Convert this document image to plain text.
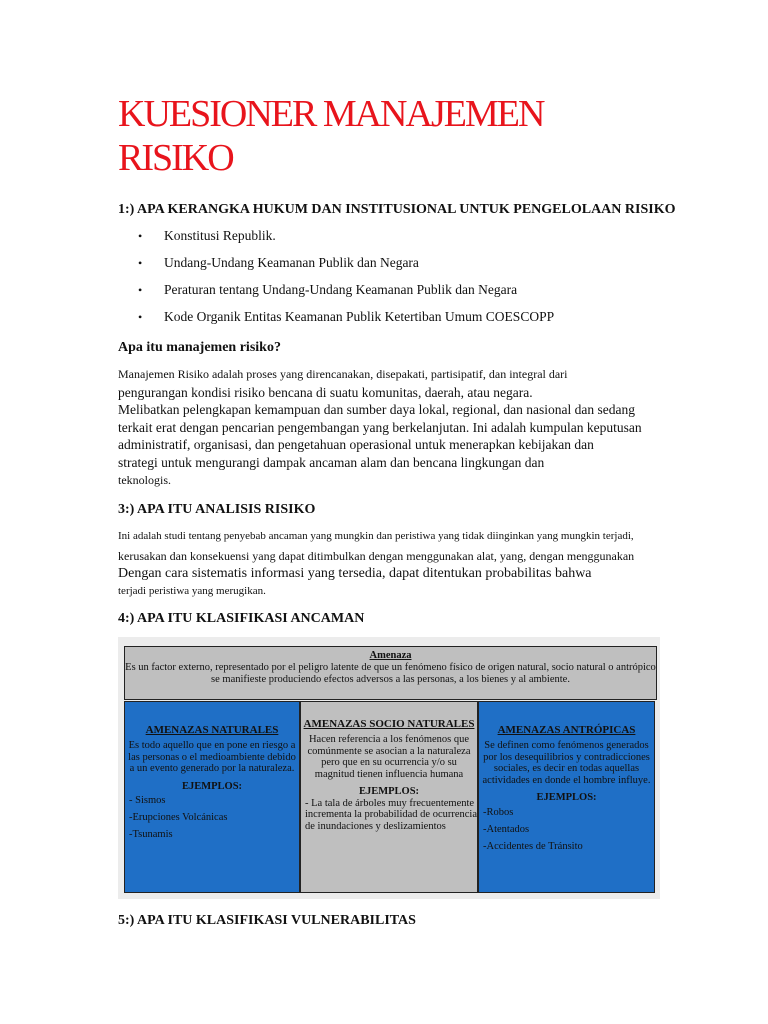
KUESIONER MANAJEMEN RISIKO
1:) APA KERANGKA HUKUM DAN INSTITUSIONAL UNTUK PENGELOLAAN RISIKO
• Konstitusi Republik.
• Undang-Undang Keamanan Publik dan Negara
• Peraturan tentang Undang-Undang Keamanan Publik dan Negara
• Kode Organik Entitas Keamanan Publik Ketertiban Umum COESCOPP
Apa itu manajemen risiko?
Manajemen Risiko adalah proses yang direncanakan, disepakati, partisipatif, dan integral dari
pengurangan kondisi risiko bencana di suatu komunitas, daerah, atau negara.
Melibatkan pelengkapan kemampuan dan sumber daya lokal, regional, dan nasional dan sedang
terkait erat dengan pencarian pengembangan yang berkelanjutan. Ini adalah kumpulan keputusan
administratif, organisasi, dan pengetahuan operasional untuk menerapkan kebijakan dan
strategi untuk mengurangi dampak ancaman alam dan bencana lingkungan dan
teknologis.
3:) APA ITU ANALISIS RISIKO
Ini adalah studi tentang penyebab ancaman yang mungkin dan peristiwa yang tidak diinginkan yang mungkin terjadi,
kerusakan dan konsekuensi yang dapat ditimbulkan dengan menggunakan alat, yang, dengan menggunakan
Dengan cara sistematis informasi yang tersedia, dapat ditentukan probabilitas bahwa
terjadi peristiwa yang merugikan.
4:) APA ITU KLASIFIKASI ANCAMAN
Amenaza
Es un factor externo, representado por el peligro latente de que un fenómeno físico de origen natural, socio natural o antrópico se manifieste produciendo efectos adversos a las personas, a los bienes y al ambiente.
AMENAZAS NATURALES
Es todo aquello que en pone en riesgo a las personas o el medioambiente debido a un evento generado por la naturaleza.
EJEMPLOS:
- Sismos
-Erupciones Volcánicas
-Tsunamis
AMENAZAS SOCIO NATURALES
Hacen referencia a los fenómenos que comúnmente se asocian a la naturaleza pero que en su ocurrencia y/o su magnitud tienen influencia humana
EJEMPLOS:
- La tala de árboles muy frecuentemente incrementa la probabilidad de ocurrencia de inundaciones y deslizamientos
AMENAZAS ANTRÓPICAS
Se definen como fenómenos generados por los desequilibrios y contradicciones sociales, es decir en todas aquellas actividades en donde el hombre influye.
EJEMPLOS:
-Robos
-Atentados
-Accidentes de Tránsito
5:) APA ITU KLASIFIKASI VULNERABILITAS
